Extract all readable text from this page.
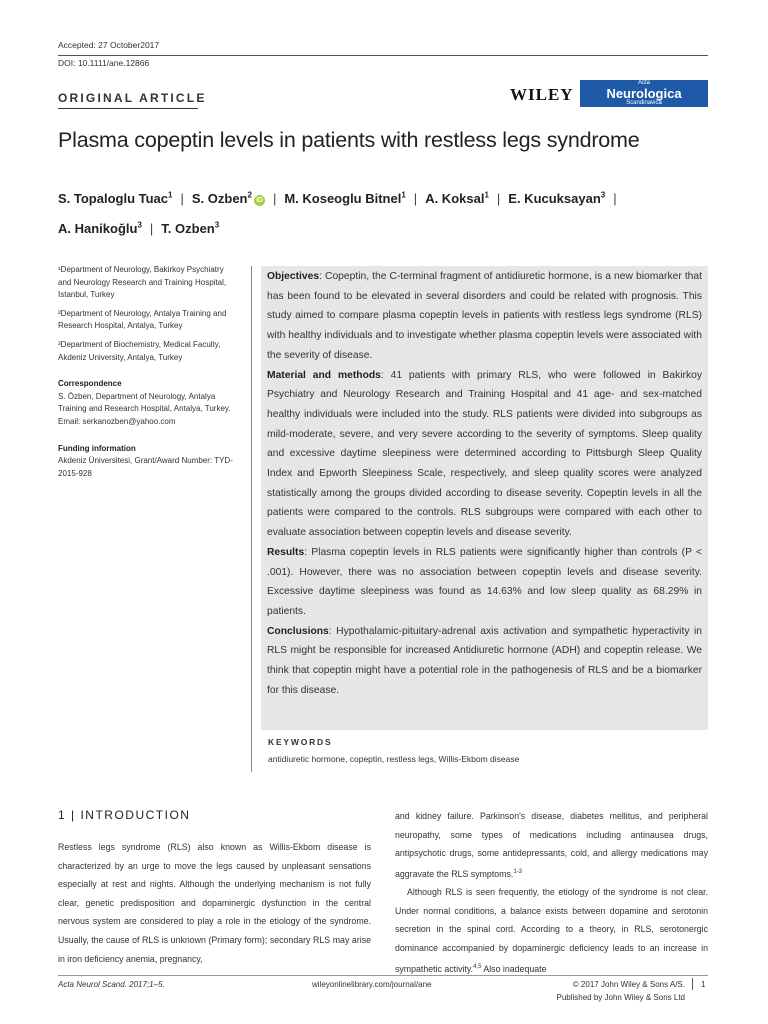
Accepted: 27 October2017
DOI: 10.1111/ane.12866
ORIGINAL ARTICLE	WILEY
Acta
Neurologica
Scandinavica
Plasma copeptin levels in patients with restless legs syndrome
S. Topaloglu Tuac$^1$ | S. Ozben$^2$iD | M. Koseoglu Bitnel$^1$ | A. Koksal$^1$ | E. Kucuksayan$^3$ |
A. Hanikoğlu$^3$ | T. Ozben$^3$

¹Department of Neurology, Bakirkoy Psychiatry and Neurology Research and Training Hospital, Istanbul, Turkey

²Department of Neurology, Antalya Training and Research Hospital, Antalya, Turkey

³Department of Biochemistry, Medical Faculty, Akdeniz University, Antalya, Turkey

Correspondence
S. Özben, Department of Neurology, Antalya Training and Research Hospital, Antalya, Turkey.
Email: serkanozben@yahoo.com
Funding information
Akdeniz Üniversitesi, Grant/Award Number: TYD-2015-928

Objectives: Copeptin, the C-terminal fragment of antidiuretic hormone, is a new biomarker that has been found to be elevated in several disorders and could be related with prognosis. This study aimed to compare plasma copeptin levels in patients with restless legs syndrome (RLS) with healthy individuals and to investigate whether plasma copeptin levels were associated with the severity of disease.

Material and methods: 41 patients with primary RLS, who were followed in Bakirkoy Psychiatry and Neurology Research and Training Hospital and 41 age- and sex-matched healthy individuals were included into the study. RLS patients were divided into subgroups as mild-moderate, severe, and very severe according to the severity of symptoms. Sleep quality and excessive daytime sleepiness were determined according to Pittsburgh Sleep Quality Index and Epworth Sleepiness Scale, respectively, and sleep quality scores were analyzed statistically among the groups divided according to disease severity. Copeptin levels in all the patients were compared to the controls. RLS subgroups were compared with each other to evaluate association between copeptin levels and disease severity.

Results: Plasma copeptin levels in RLS patients were significantly higher than controls (P < .001). However, there was no association between copeptin levels and disease severity. Excessive daytime sleepiness was found as 14.63% and low sleep quality as 68.29% in patients.

Conclusions: Hypothalamic-pituitary-adrenal axis activation and sympathetic hyperactivity in RLS might be responsible for increased Antidiuretic hormone (ADH) and copeptin release. We think that copeptin might have a potential role in the pathogenesis of RLS and be a biomarker for this disease.

KEYWORDS
antidiuretic hormone, copeptin, restless legs, Willis-Ekbom disease
1 | INTRODUCTION

Restless legs syndrome (RLS) also known as Willis-Ekbom disease is characterized by an urge to move the legs caused by unpleasant sensations especially at rest and nights. Although the underlying mechanism is not fully clear, genetic predisposition and dopaminergic dysfunction in the central nervous system are considered to play a role in the etiology of the syndrome. Usually, the cause of RLS is unknown (Primary form); secondary RLS may arise in iron deficiency anemia, pregnancy,

and kidney failure. Parkinson's disease, diabetes mellitus, and peripheral neuropathy, some types of medications including antinausea drugs, antipsychotic drugs, some antidepressants, cold, and allergy medications may aggravate the RLS symptoms.$^{1-3}$

Although RLS is seen frequently, the etiology of the syndrome is not clear. Under normal conditions, a balance exists between dopamine and serotonin secretion in the spinal cord. According to a theory, in RLS, serotonergic dominance accompanied by dopaminergic deficiency leads to an increase in sympathetic activity.$^{4,5}$ Also inadequate

Acta Neurol Scand. 2017;1–5.	wileyonlinelibrary.com/journal/ane	© 2017 John Wiley & Sons A/S.
Published by John Wiley & Sons Ltd
1
